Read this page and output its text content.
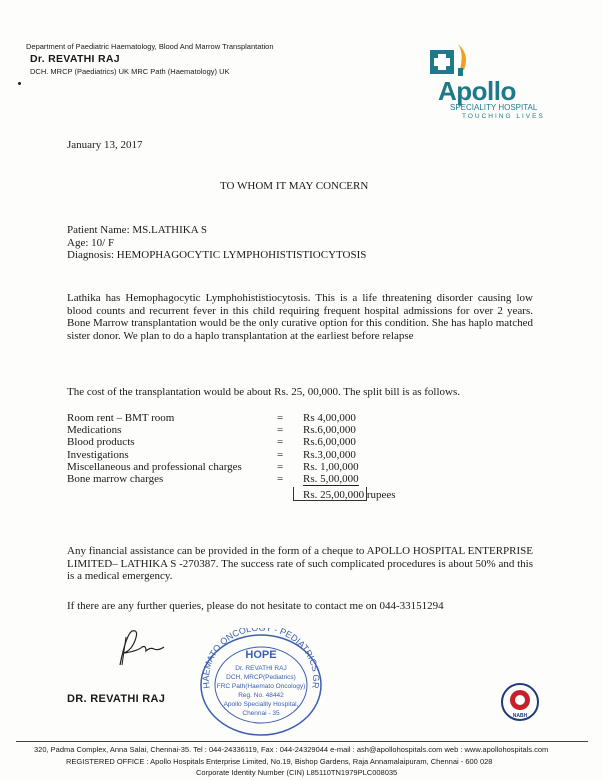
Department of Paediatric Haematology, Blood And Marrow Transplantation
Dr. REVATHI RAJ
DCH. MRCP (Paediatrics) UK MRC Path (Haematology) UK
Apollo
SPECIALITY HOSPITAL
TOUCHING LIVES
January 13, 2017
TO WHOM IT MAY CONCERN
Patient Name: MS.LATHIKA S
Age: 10/ F
Diagnosis: HEMOPHAGOCYTIC LYMPHOHISTISTIOCYTOSIS
Lathika has Hemophagocytic Lymphohististiocytosis. This is a life threatening disorder causing low blood counts and recurrent fever in this child requiring frequent hospital admissions for over 2 years. Bone Marrow transplantation would be the only curative option for this condition. She has haplo matched sister donor. We plan to do a haplo transplantation at the earliest before relapse
The cost of the transplantation would be about Rs. 25, 00,000. The split bill is as follows.
Room rent – BMT room	= Rs 4,00,000
Medications	= Rs.6,00,000
Blood products	= Rs.6,00,000
Investigations	= Rs.3,00,000
Miscellaneous and professional charges	= Rs. 1,00,000
Bone marrow charges	= Rs. 5,00,000
Rs. 25,00,000 rupees
Any financial assistance can be provided in the form of a cheque to APOLLO HOSPITAL ENTERPRISE LIMITED– LATHIKA S -270387. The success rate of such complicated procedures is about 50% and this is a medical emergency.
If there are any further queries, please do not hesitate to contact me on 044-33151294
DR. REVATHI RAJ
HAEMATO ONCOL Y - PEDIATRICS GR
HOPE
Dr. REVATHI RAJ
DCH, MRCP(Pediatrics)
FRC Path(Haemato Oncology)
Reg. No. 48442
Apollo Speciality Hospital,
Chennai - 35	NABH
320, Padma Complex, Anna Salai, Chennai-35. Tel : 044-24336119, Fax : 044-24329044 e-mail : ash@apollohospitals.com web : www.apollohospitals.com
REGISTERED OFFICE : Apollo Hospitals Enterprise Limited, No.19, Bishop Gardens, Raja Annamalaipuram, Chennai - 600 028
Corporate Identity Number (CIN) L85110TN1979PLC008035
